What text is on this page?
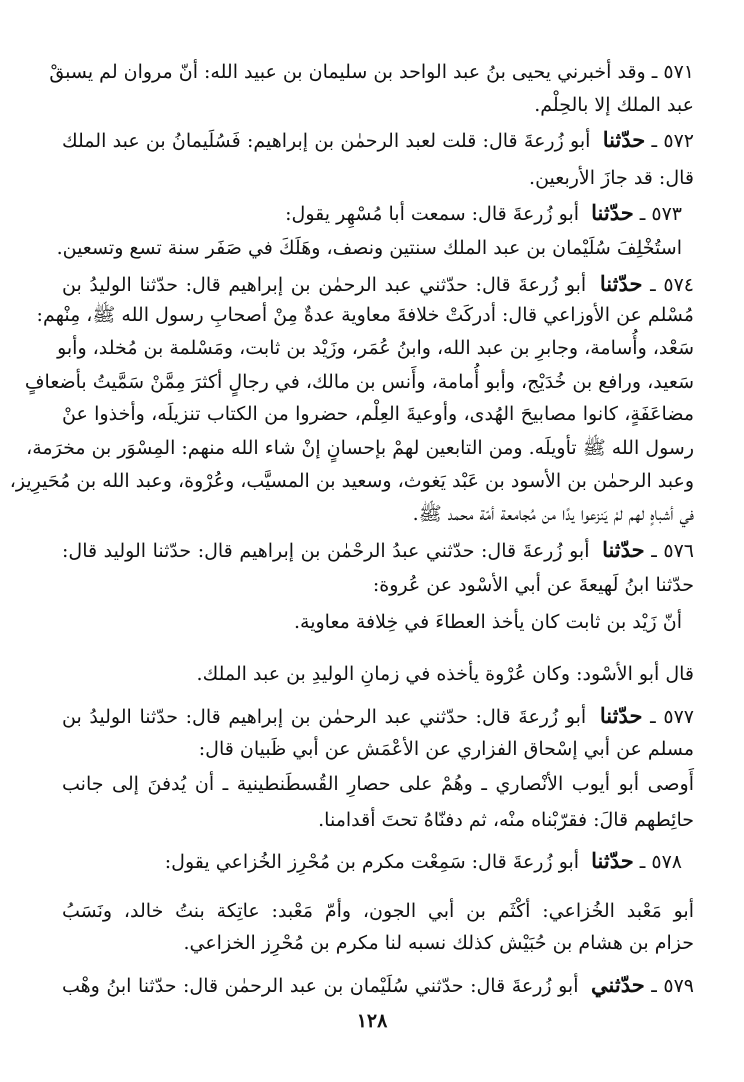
٥٧١ ـ وقد أخبرني يحيى بنُ عبد الواحد بن سليمان بن عبيد الله: أنّ مروان لم يسبقْ
عبد الملك إلا بالحِلْم.
٥٧٢ ـ حدّثنا أبو زُرعةَ قال: قلت لعبد الرحمٰن بن إبراهيم: فَسُلَيمانُ بن عبد الملك
قال: قد جازَ الأربعين.
٥٧٣ ـ حدّثنا أبو زُرعةَ قال: سمعت أبا مُسْهِر يقول:
استُخْلِفَ سُلَيْمان بن عبد الملك سنتين ونصف، وهَلَكَ في صَفَر سنة تسع وتسعين.
٥٧٤ ـ حدّثنا أبو زُرعةَ قال: حدّثني عبد الرحمٰن بن إبراهيم قال: حدّثنا الوليدُ بن
مُسْلم عن الأوزاعي قال: أدركَتْ خلافةَ معاوية عدةٌ مِنْ أصحابِ رسول الله ﷺ، مِنْهم:
سَعْد، وأُسامة، وجابرِ بن عبد الله، وابنُ عُمَر، وزَيْد بن ثابت، ومَسْلمة بن مُخلد، وأبو
سَعيد، ورافع بن خُدَيْج، وأبو أُمامة، وأَنس بن مالك، في رجالٍ أكثرَ مِمَّنْ سَمَّيتُ بأضعافٍ
مضاعَفَةٍ، كانوا مصابيحَ الهُدى، وأوعيةَ العِلْم، حضروا من الكتاب تنزيلَه، وأخذوا عنْ
رسول الله ﷺ تأويلَه. ومن التابعين لهمْ بإحسانٍ إنْ شاء الله منهم: المِسْوَر بن مخرَمة،
وعبد الرحمٰن بن الأسود بن عَبْد يَغوث، وسعيد بن المسيَّب، وعُرْوة، وعبد الله بن مُحَيرِيز،
في أشباهٍ لهم لمْ يَنزعوا يدًا من مُجامعة أمّة محمد ﷺ.
٥٧٦ ـ حدّثنا أبو زُرعةَ قال: حدّثني عبدُ الرحْمٰن بن إبراهيم قال: حدّثنا الوليد قال:
حدّثنا ابنُ لَهيعةَ عن أبي الأسْود عن عُروة:
أنّ زَيْد بن ثابت كان يأخذ العطاءَ في خِلافة معاوية.
قال أبو الأسْود: وكان عُرْوة يأخذه في زمانِ الوليدِ بن عبد الملك.
٥٧٧ ـ حدّثنا أبو زُرعةَ قال: حدّثني عبد الرحمٰن بن إبراهيم قال: حدّثنا الوليدُ بن
مسلم عن أبي إسْحاق الفزاري عن الأعْمَش عن أبي ظَبيان قال:
أَوصى أبو أيوب الأنْصاري ـ وهُمْ على حصارِ القُسطَنطينية ـ أن يُدفنَ إلى جانب
حائِطهم قالَ: فقرّبْناه منْه، ثم دفنّاهُ تحتَ أقدامنا.
٥٧٨ ـ حدّثنا أبو زُرعةَ قال: سَمِعْت مكرم بن مُحْرِز الخُزاعي يقول:
أبو مَعْبد الخُزاعي: أكْثَم بن أبي الجون، وأمّ مَعْبد: عاتِكة بنتُ خالد، ونَسَبُ
حزام بن هشام بن حُبَيْش كذلك نسبه لنا مكرم بن مُحْرِز الخزاعي.
٥٧٩ ـ حدّثني أبو زُرعةَ قال: حدّثني سُلَيْمان بن عبد الرحمٰن قال: حدّثنا ابنُ وهْب
١٢٨
